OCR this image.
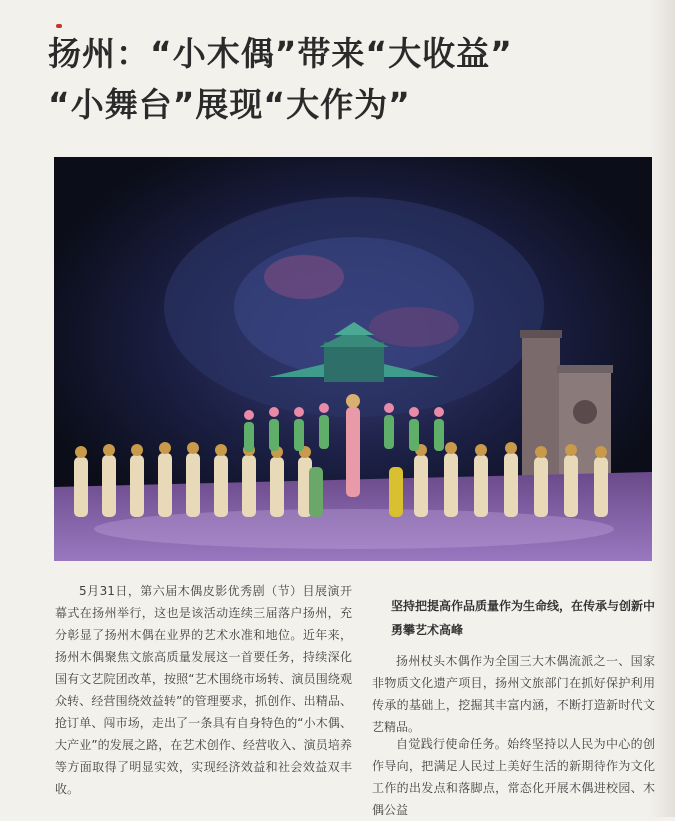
扬州：“小木偶”带来“大收益”
“小舞台”展现“大作为”
5月31日，第六届木偶皮影优秀剧（节）目展演开幕式在扬州举行，这也是该活动连续三届落户扬州，充分彰显了扬州木偶在业界的艺术水准和地位。近年来，扬州木偶聚焦文旅高质量发展这一首要任务，持续深化国有文艺院团改革，按照“艺术围绕市场转、演员围绕观众转、经营围绕效益转”的管理要求，抓创作、出精品、抢订单、闯市场，走出了一条具有自身特色的“小木偶、大产业”的发展之路，在艺术创作、经营收入、演员培养等方面取得了明显实效，实现经济效益和社会效益双丰收。
坚持把提高作品质量作为生命线，在传承与创新中勇攀艺术高峰
扬州杖头木偶作为全国三大木偶流派之一、国家非物质文化遗产项目，扬州文旅部门在抓好保护利用传承的基础上，挖掘其丰富内涵，不断打造新时代文艺精品。
自觉践行使命任务。始终坚持以人民为中心的创作导向，把满足人民过上美好生活的新期待作为文化工作的出发点和落脚点，常态化开展木偶进校园、木偶公益
